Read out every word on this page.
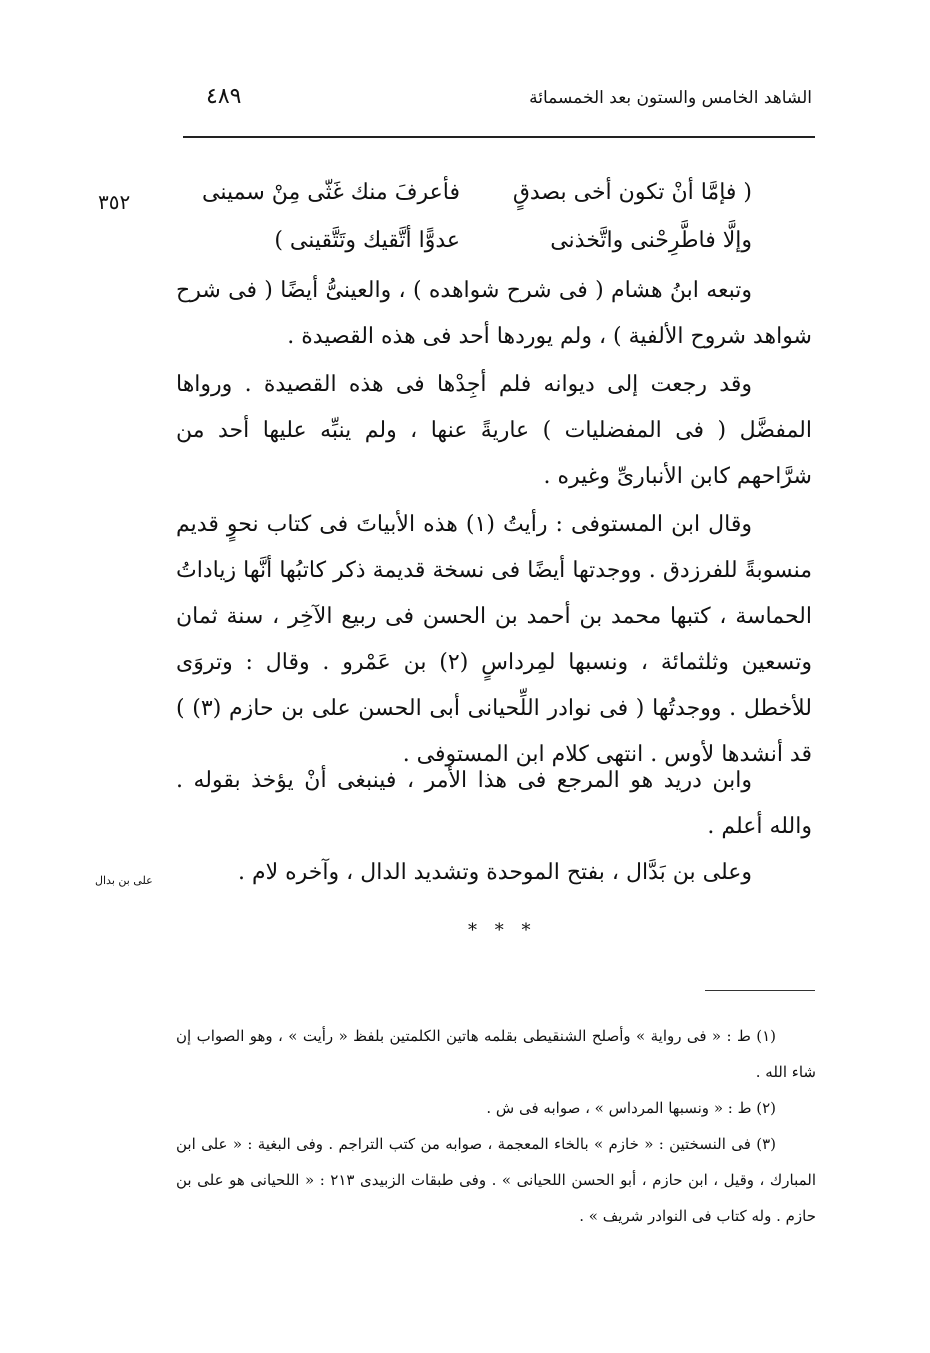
الشاهد الخامس والستون بعد الخمسمائة
٤٨٩
٣٥٢	( فإمَّا أنْ تكون أخى بصدقٍ
فأعرفَ منك غَثّى مِنْ سمينى
وإلَّا فاطَّرِحْنى واتَّخذنى
عدوًّا أتَّقيك وتَتَّقينى )
وتبعه ابنُ هشام ( فى شرح شواهده ) ، والعينىُّ أيضًا ( فى شرح شواهد شروح الألفية ) ، ولم يوردها أحد فى هذه القصيدة .
وقد رجعت إلى ديوانه فلم أجِدْها فى هذه القصيدة . ورواها المفضَّل ( فى المفضليات ) عاريةً عنها ، ولم ينبِّه عليها أحد من شرَّاحهم كابن الأنبارىِّ وغيره .
وقال ابن المستوفى : رأيتُ (١) هذه الأبياتَ فى كتاب نحوٍ قديم منسوبةً للفرزدق . ووجدتها أيضًا فى نسخة قديمة ذكر كاتبُها أنَّها زياداتُ الحماسة ، كتبها محمد بن أحمد بن الحسن فى ربيع الآخِر ، سنة ثمان وتسعين وثلثمائة ، ونسبها لمِرداسٍ (٢) بن عَمْرو . وقال : وتروَى للأخطل . ووجدتُها ( فى نوادر اللِّحيانى أبى الحسن على بن حازم (٣) ) قد أنشدها لأوس . انتهى كلام ابن المستوفى .
وابن دريد هو المرجع فى هذا الأمر ، فينبغى أنْ يؤخذ بقوله . والله أعلم .
وعلى بن بَدَّال ، بفتح الموحدة وتشديد الدال ، وآخره لام .
على بن بدال
* * *
(١) ط : « فى رواية » وأصلح الشنقيطى بقلمه هاتين الكلمتين بلفظ « رأيت » ، وهو الصواب إن شاء الله .
(٢) ط : « ونسبها المرداس » ، صوابه فى ش .
(٣) فى النسختين : « خازم » بالخاء المعجمة ، صوابه من كتب التراجم . وفى البغية : « على ابن المبارك ، وقيل ، ابن حازم ، أبو الحسن اللحيانى » . وفى طبقات الزبيدى ٢١٣ : « اللحيانى هو على بن حازم . وله كتاب فى النوادر شريف » .
